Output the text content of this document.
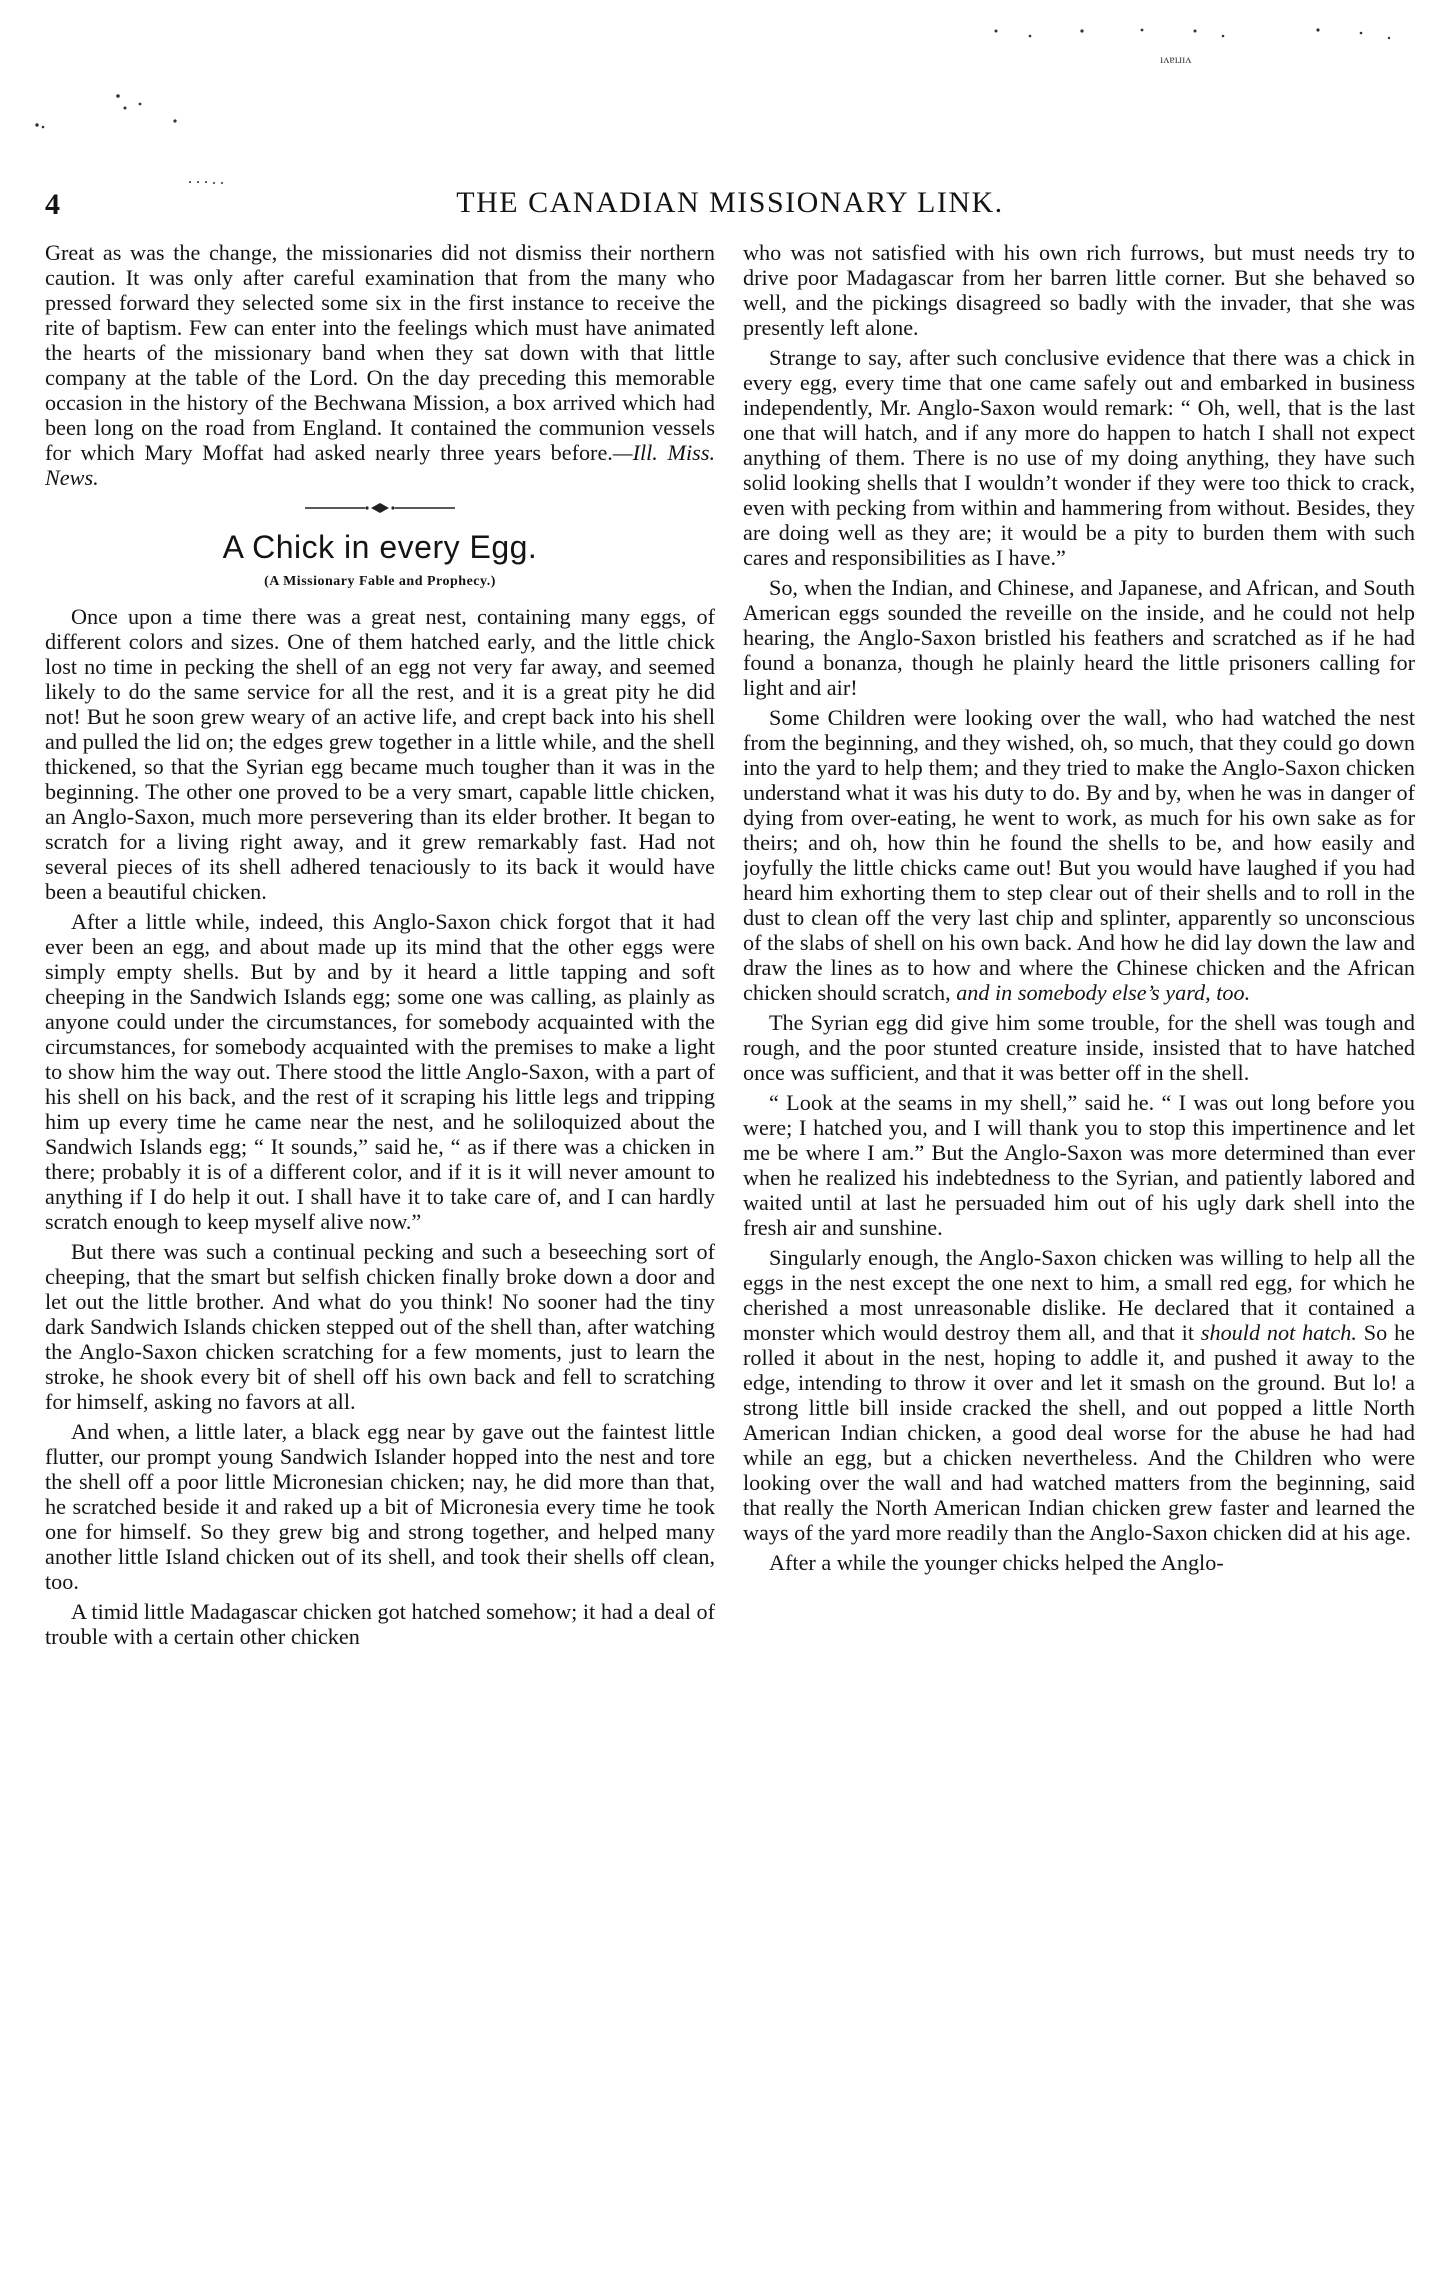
ıʌɐıɹɪʌ
4	THE CANADIAN MISSIONARY LINK.

Great as was the change, the missionaries did not dismiss their northern caution. It was only after careful examination that from the many who pressed forward they selected some six in the first instance to receive the rite of baptism. Few can enter into the feelings which must have animated the hearts of the missionary band when they sat down with that little company at the table of the Lord. On the day preceding this memorable occasion in the history of the Bechwana Mission, a box arrived which had been long on the road from England. It contained the communion vessels for which Mary Moffat had asked nearly three years before.—Ill. Miss. News.

A Chick in every Egg.
(A Missionary Fable and Prophecy.)

Once upon a time there was a great nest, containing many eggs, of different colors and sizes. One of them hatched early, and the little chick lost no time in pecking the shell of an egg not very far away, and seemed likely to do the same service for all the rest, and it is a great pity he did not! But he soon grew weary of an active life, and crept back into his shell and pulled the lid on; the edges grew together in a little while, and the shell thickened, so that the Syrian egg became much tougher than it was in the beginning. The other one proved to be a very smart, capable little chicken, an Anglo-Saxon, much more persevering than its elder brother. It began to scratch for a living right away, and it grew remarkably fast. Had not several pieces of its shell adhered tenaciously to its back it would have been a beautiful chicken.

After a little while, indeed, this Anglo-Saxon chick forgot that it had ever been an egg, and about made up its mind that the other eggs were simply empty shells. But by and by it heard a little tapping and soft cheeping in the Sandwich Islands egg; some one was calling, as plainly as anyone could under the circumstances, for somebody acquainted with the circumstances, for somebody acquainted with the premises to make a light to show him the way out. There stood the little Anglo-Saxon, with a part of his shell on his back, and the rest of it scraping his little legs and tripping him up every time he came near the nest, and he soliloquized about the Sandwich Islands egg; “ It sounds,” said he, “ as if there was a chicken in there; probably it is of a different color, and if it is it will never amount to anything if I do help it out. I shall have it to take care of, and I can hardly scratch enough to keep myself alive now.”

But there was such a continual pecking and such a beseeching sort of cheeping, that the smart but selfish chicken finally broke down a door and let out the little brother. And what do you think! No sooner had the tiny dark Sandwich Islands chicken stepped out of the shell than, after watching the Anglo-Saxon chicken scratching for a few moments, just to learn the stroke, he shook every bit of shell off his own back and fell to scratching for himself, asking no favors at all.

And when, a little later, a black egg near by gave out the faintest little flutter, our prompt young Sandwich Islander hopped into the nest and tore the shell off a poor little Micronesian chicken; nay, he did more than that, he scratched beside it and raked up a bit of Micronesia every time he took one for himself. So they grew big and strong together, and helped many another little Island chicken out of its shell, and took their shells off clean, too.

A timid little Madagascar chicken got hatched somehow; it had a deal of trouble with a certain other chicken

who was not satisfied with his own rich furrows, but must needs try to drive poor Madagascar from her barren little corner. But she behaved so well, and the pickings disagreed so badly with the invader, that she was presently left alone.

Strange to say, after such conclusive evidence that there was a chick in every egg, every time that one came safely out and embarked in business independently, Mr. Anglo-Saxon would remark: “ Oh, well, that is the last one that will hatch, and if any more do happen to hatch I shall not expect anything of them. There is no use of my doing anything, they have such solid looking shells that I wouldn’t wonder if they were too thick to crack, even with pecking from within and hammering from without. Besides, they are doing well as they are; it would be a pity to burden them with such cares and responsibilities as I have.”

So, when the Indian, and Chinese, and Japanese, and African, and South American eggs sounded the reveille on the inside, and he could not help hearing, the Anglo-Saxon bristled his feathers and scratched as if he had found a bonanza, though he plainly heard the little prisoners calling for light and air!

Some Children were looking over the wall, who had watched the nest from the beginning, and they wished, oh, so much, that they could go down into the yard to help them; and they tried to make the Anglo-Saxon chicken understand what it was his duty to do. By and by, when he was in danger of dying from over-eating, he went to work, as much for his own sake as for theirs; and oh, how thin he found the shells to be, and how easily and joyfully the little chicks came out! But you would have laughed if you had heard him exhorting them to step clear out of their shells and to roll in the dust to clean off the very last chip and splinter, apparently so unconscious of the slabs of shell on his own back. And how he did lay down the law and draw the lines as to how and where the Chinese chicken and the African chicken should scratch, and in somebody else’s yard, too.

The Syrian egg did give him some trouble, for the shell was tough and rough, and the poor stunted creature inside, insisted that to have hatched once was sufficient, and that it was better off in the shell.

“ Look at the seams in my shell,” said he. “ I was out long before you were; I hatched you, and I will thank you to stop this impertinence and let me be where I am.” But the Anglo-Saxon was more determined than ever when he realized his indebtedness to the Syrian, and patiently labored and waited until at last he persuaded him out of his ugly dark shell into the fresh air and sunshine.

Singularly enough, the Anglo-Saxon chicken was willing to help all the eggs in the nest except the one next to him, a small red egg, for which he cherished a most unreasonable dislike. He declared that it contained a monster which would destroy them all, and that it should not hatch. So he rolled it about in the nest, hoping to addle it, and pushed it away to the edge, intending to throw it over and let it smash on the ground. But lo! a strong little bill inside cracked the shell, and out popped a little North American Indian chicken, a good deal worse for the abuse he had had while an egg, but a chicken nevertheless. And the Children who were looking over the wall and had watched matters from the beginning, said that really the North American Indian chicken grew faster and learned the ways of the yard more readily than the Anglo-Saxon chicken did at his age.

After a while the younger chicks helped the Anglo-
